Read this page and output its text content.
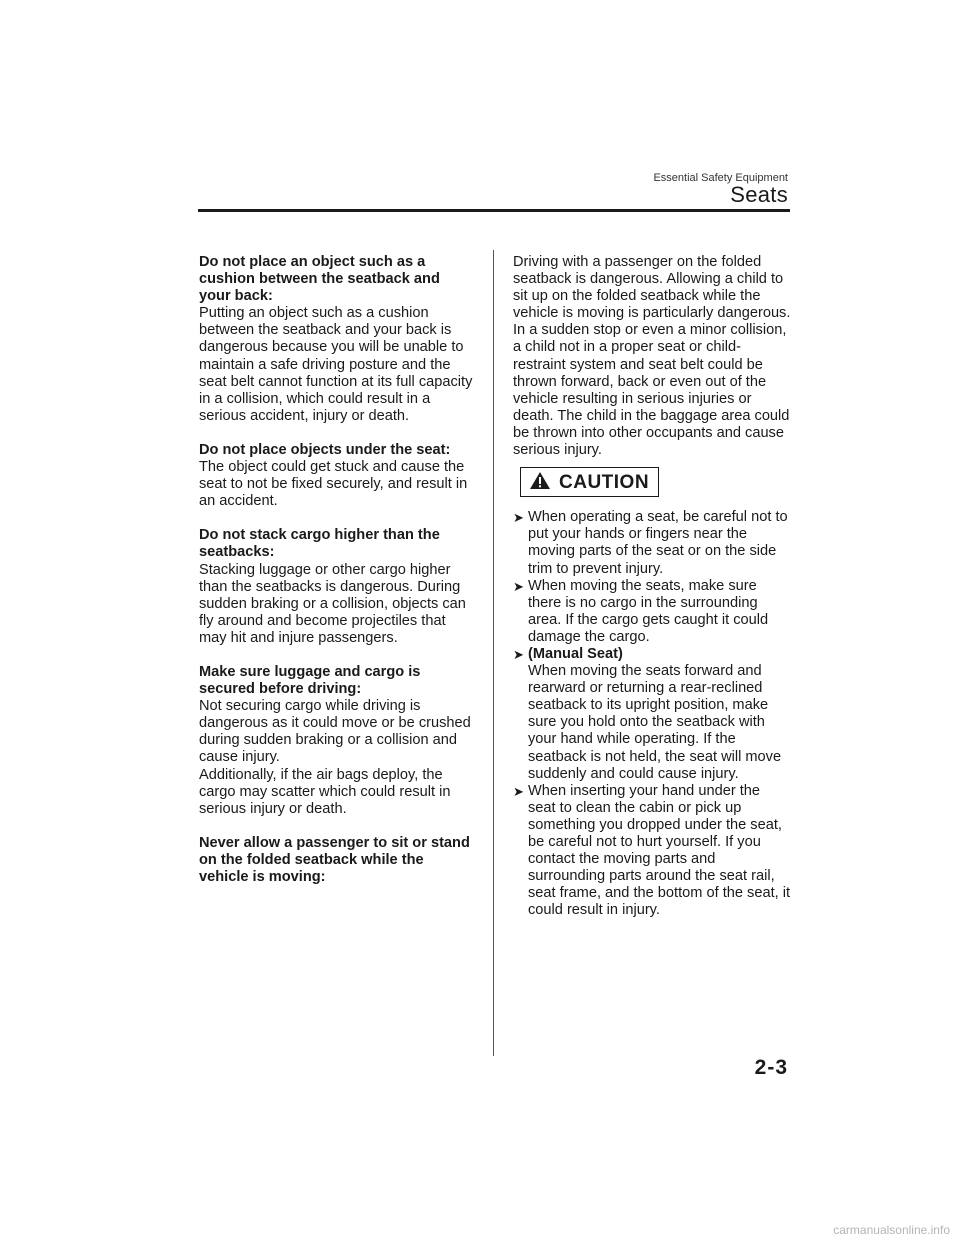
Essential Safety Equipment
Seats
Do not place an object such as a cushion between the seatback and your back:
Putting an object such as a cushion between the seatback and your back is dangerous because you will be unable to maintain a safe driving posture and the seat belt cannot function at its full capacity in a collision, which could result in a serious accident, injury or death.
Do not place objects under the seat:
The object could get stuck and cause the seat to not be fixed securely, and result in an accident.
Do not stack cargo higher than the seatbacks:
Stacking luggage or other cargo higher than the seatbacks is dangerous. During sudden braking or a collision, objects can fly around and become projectiles that may hit and injure passengers.
Make sure luggage and cargo is secured before driving:
Not securing cargo while driving is dangerous as it could move or be crushed during sudden braking or a collision and cause injury.
Additionally, if the air bags deploy, the cargo may scatter which could result in serious injury or death.
Never allow a passenger to sit or stand on the folded seatback while the vehicle is moving:
Driving with a passenger on the folded seatback is dangerous. Allowing a child to sit up on the folded seatback while the vehicle is moving is particularly dangerous. In a sudden stop or even a minor collision, a child not in a proper seat or child-restraint system and seat belt could be thrown forward, back or even out of the vehicle resulting in serious injuries or death. The child in the baggage area could be thrown into other occupants and cause serious injury.
CAUTION
➤ When operating a seat, be careful not to put your hands or fingers near the moving parts of the seat or on the side trim to prevent injury.
➤ When moving the seats, make sure there is no cargo in the surrounding area. If the cargo gets caught it could damage the cargo.
➤ (Manual Seat)
When moving the seats forward and rearward or returning a rear-reclined seatback to its upright position, make sure you hold onto the seatback with your hand while operating. If the seatback is not held, the seat will move suddenly and could cause injury.
➤ When inserting your hand under the seat to clean the cabin or pick up something you dropped under the seat, be careful not to hurt yourself. If you contact the moving parts and surrounding parts around the seat rail, seat frame, and the bottom of the seat, it could result in injury.
2-3
carmanualsonline.info
